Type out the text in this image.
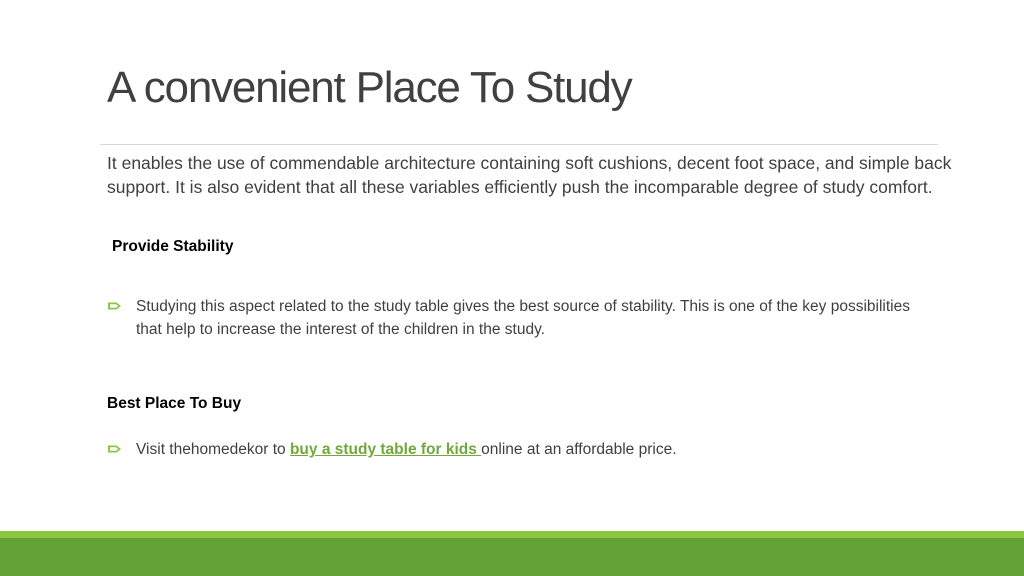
A convenient Place To Study

It enables the use of commendable architecture containing soft cushions, decent foot space, and simple back support. It is also evident that all these variables efficiently push the incomparable degree of study comfort.

Provide Stability

Studying this aspect related to the study table gives the best source of stability. This is one of the key possibilities that help to increase the interest of the children in the study.

Best Place To Buy

Visit thehomedekor to buy a study table for kids online at an affordable price.
